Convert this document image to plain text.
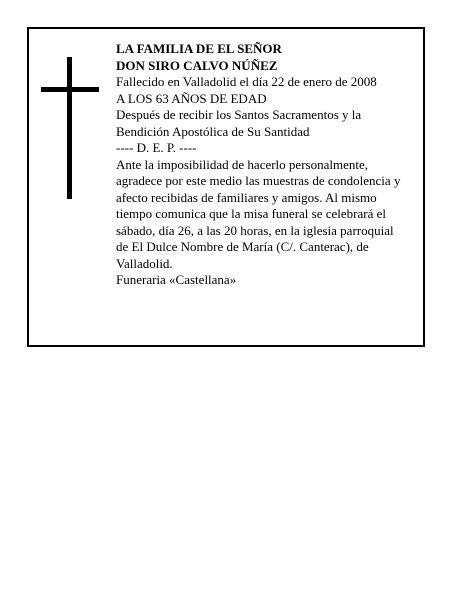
LA FAMILIA DE EL SEÑOR

DON SIRO CALVO NÚÑEZ

Fallecido en Valladolid el día 22 de enero de 2008

A LOS 63 AÑOS DE EDAD

Después de recibir los Santos Sacramentos y la Bendición Apostólica de Su Santidad

---- D. E. P. ----

Ante la imposibilidad de hacerlo personalmente, agradece por este medio las muestras de condolencia y afecto recibidas de familiares y amigos. Al mismo tiempo comunica que la misa funeral se celebrará el sábado, día 26, a las 20 horas, en la iglesia parroquial de El Dulce Nombre de María (C/. Canterac), de Valladolid.

Funeraria «Castellana»
